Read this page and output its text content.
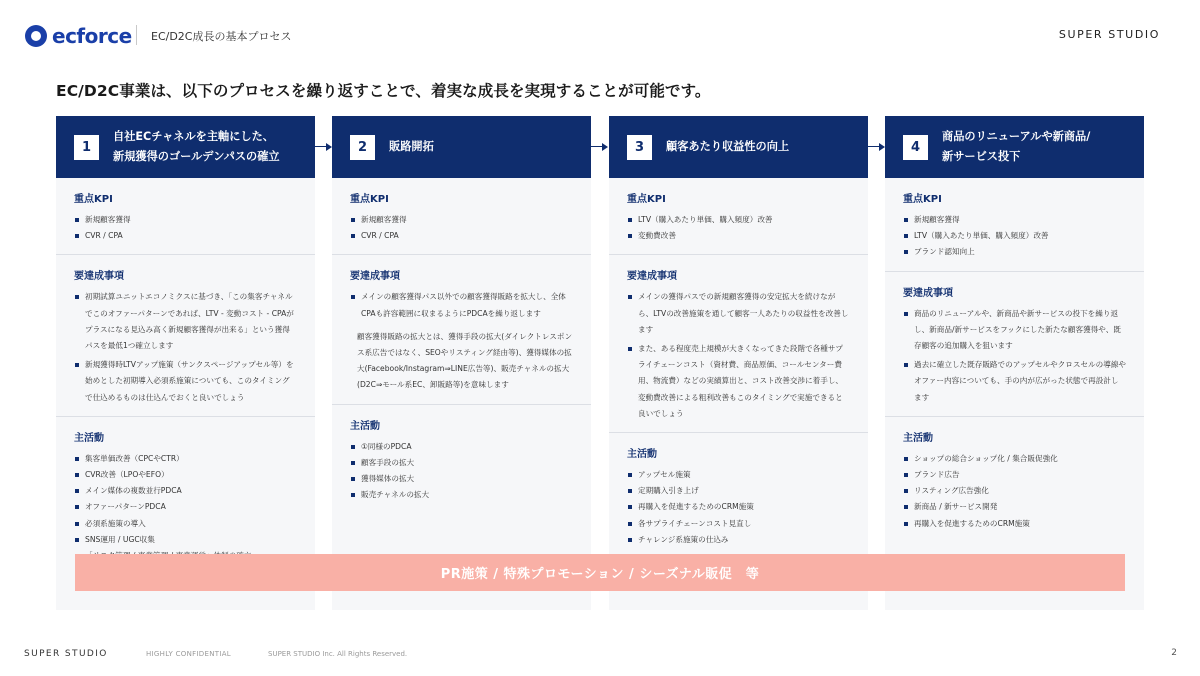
ecforce EC/D2C成長の基本プロセス	SUPER STUDIO
EC/D2C事業は、以下のプロセスを繰り返すことで、着実な成長を実現することが可能です。
1
自社ECチャネルを主軸にした、
新規獲得のゴールデンパスの確立
重点KPI
新規顧客獲得
CVR / CPA
要達成事項
初期試算ユニットエコノミクスに基づき、「この集客チャネルでこのオファーパターンであれば、LTV - 変動コスト - CPAがプラスになる見込み高く新規顧客獲得が出来る」という獲得パスを最低1つ確立します
新規獲得時LTVアップ施策（サンクスページアップセル等）を始めとした初期導入必須系施策についても、このタイミングで仕込めるものは仕込んでおくと良いでしょう
主活動
集客単価改善（CPCやCTR）
CVR改善（LPOやEFO）
メイン媒体の複数並行PDCA
オファーパターンPDCA
必須系施策の導入
SNS運用 / UGC収集
2	販路開拓
重点KPI
新規顧客獲得
CVR / CPA
要達成事項
メインの顧客獲得パス以外での顧客獲得販路を拡大し、全体CPAも許容範囲に収まるようにPDCAを繰り返します
顧客獲得販路の拡大とは、獲得手段の拡大(ダイレクトレスポンス系広告ではなく、SEOやリスティング経由等)、獲得媒体の拡大(Facebook/Instagram⇒LINE広告等)、販売チャネルの拡大(D2C⇒モール系EC、卸販路等)を意味します
主活動
①同様のPDCA
顧客手段の拡大
獲得媒体の拡大
販売チャネルの拡大
3	顧客あたり収益性の向上
重点KPI
LTV（購入あたり単価、購入頻度）改善
変動費改善
要達成事項
メインの獲得パスでの新規顧客獲得の安定拡大を続けながら、LTVの改善施策を通して顧客一人あたりの収益性を改善します
また、ある程度売上規模が大きくなってきた段階で各種サプライチェーンコスト（資材費、商品原価、コールセンター費用、物流費）などの実績算出と、コスト改善交渉に着手し、変動費改善による粗利改善もこのタイミングで実施できると良いでしょう
主活動
アップセル施策
定期購入引き上げ
再購入を促進するためのCRM施策
各サプライチェーンコスト見直し
チャレンジ系施策の仕込み
4
商品のリニューアルや新商品/
新サービス投下
重点KPI
新規顧客獲得
LTV（購入あたり単価、購入頻度）改善
ブランド認知向上
要達成事項
商品のリニューアルや、新商品や新サービスの投下を繰り返し、新商品/新サービスをフックにした新たな顧客獲得や、既存顧客の追加購入を狙います
過去に確立した既存販路でのアップセルやクロスセルの導線やオファー内容についても、手の内が広がった状態で再設計します
主活動
ショップの総合ショップ化 / 集合販促強化
ブランド広告
リスティング広告強化
新商品 / 新サービス開発
再購入を促進するためのCRM施策
PR施策 / 特殊プロモーション / シーズナル販促　等
SUPER STUDIO	HIGHLY CONFIDENTIAL	SUPER STUDIO Inc. All Rights Reserved.	2
